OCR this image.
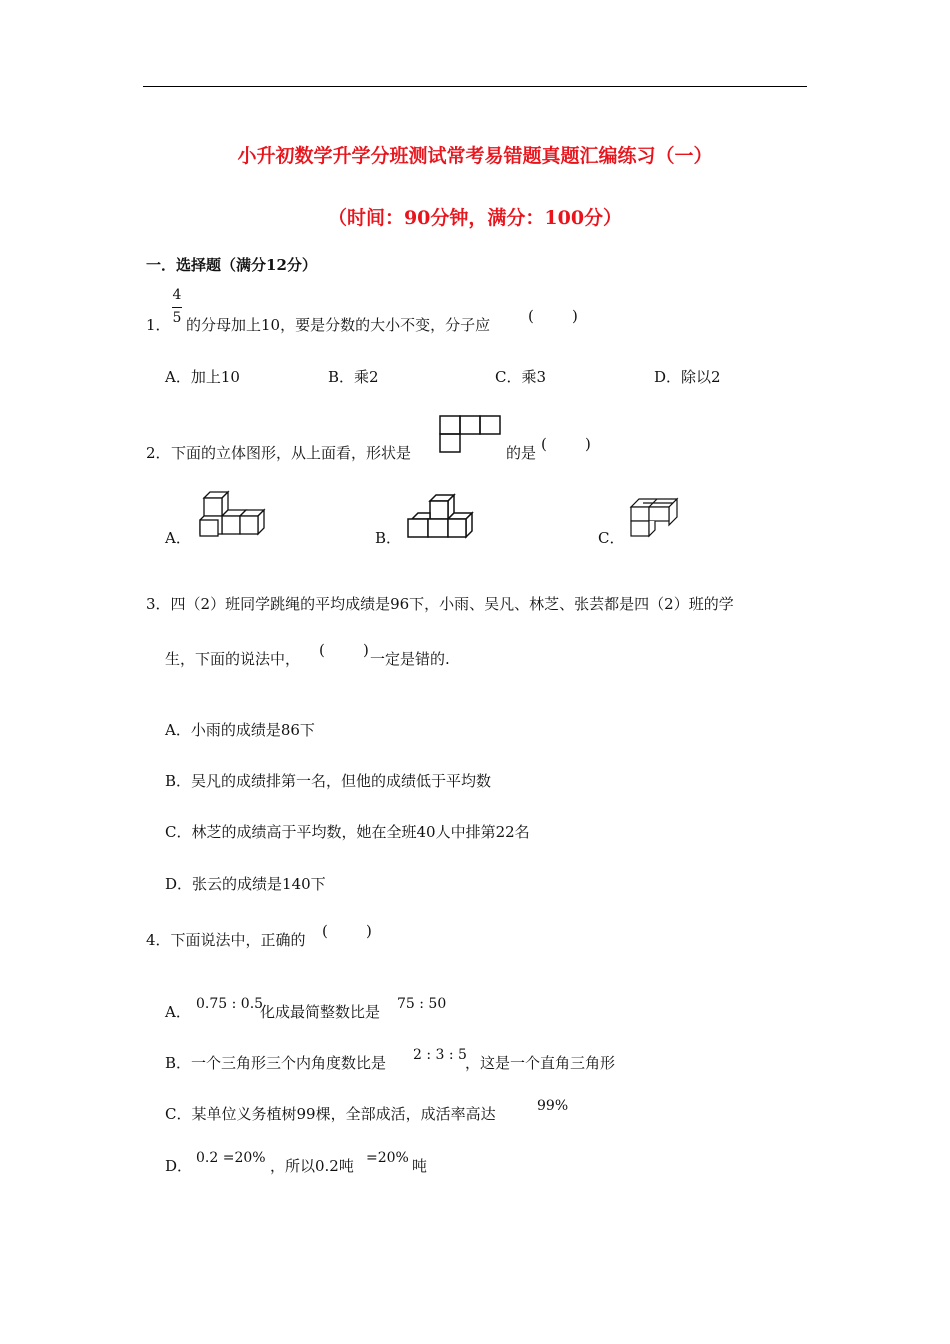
小升初数学升学分班测试常考易错题真题汇编练习（一）
（时间：90分钟，满分：100分）
一．选择题（满分12分）
1．
4
5 的分母加上10，要是分数的大小不变，分子应	(	)
A．加上10	B．乘2	C．乘3	D．除以2
2． 下面的立体图形，从上面看，形状是	的是 (	)
A．	B．	C．
3．四（2）班同学跳绳的平均成绩是96下，小雨、吴凡、林芝、张芸都是四（2）班的学
生，下面的说法中， (	) 一定是错的.
A．小雨的成绩是86下
B．吴凡的成绩排第一名，但他的成绩低于平均数
C．林芝的成绩高于平均数，她在全班40人中排第22名
D．张云的成绩是140下
4．下面说法中，正确的 (	)
A． 0.75 : 0.5
化成最简整数比是 75 : 50
B．一个三角形三个内角度数比是 2 : 3 : 5
，这是一个直角三角形
C．某单位义务植树99棵，全部成活，成活率高达	99%
D． 0.2 =20% ，所以0.2吨 =20% 吨
